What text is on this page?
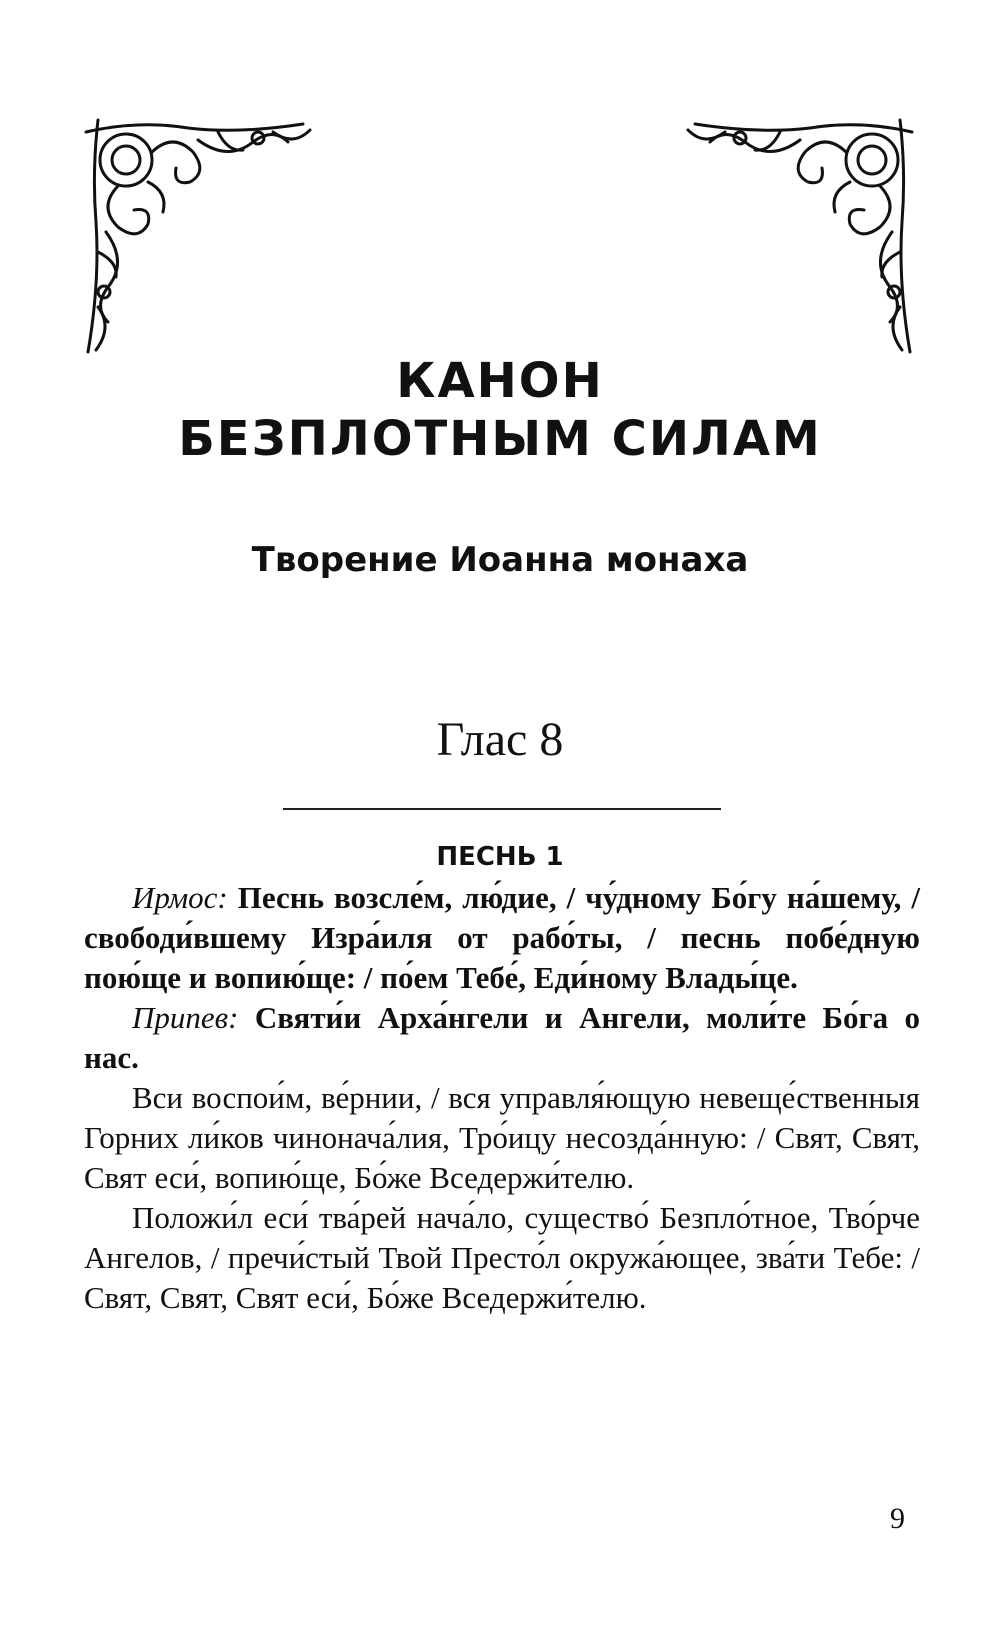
КАНОН
БЕЗПЛОТНЫМ СИЛАМ
Творение Иоанна монаха
Глас 8
ПЕСНЬ 1

Ирмос: Песнь возсле́м, лю́дие, / чу́дному Бо́гу на́шему, / свободи́вшему Изра́иля от рабо́ты, / песнь побе́дную пою́ще и вопию́ще: / по́ем Тебе́, Еди́ному Влады́це.

Припев: Святи́и Арха́нгели и Ангели, моли́те Бо́га о нас.

Вси воспои́м, ве́рнии, / вся управля́ющую невеще́ственныя Горних ли́ков чинонача́лия, Тро́ицу несозда́нную: / Свят, Свят, Свят еси́, вопию́ще, Бо́же Вседержи́телю.

Положи́л еси́ тва́рей нача́ло, существо́ Безпло́тное, Тво́рче Ангелов, / пречи́стый Твой Престо́л окружа́ющее, зва́ти Тебе: / Свят, Свят, Свят еси́, Бо́же Вседержи́телю.

9
